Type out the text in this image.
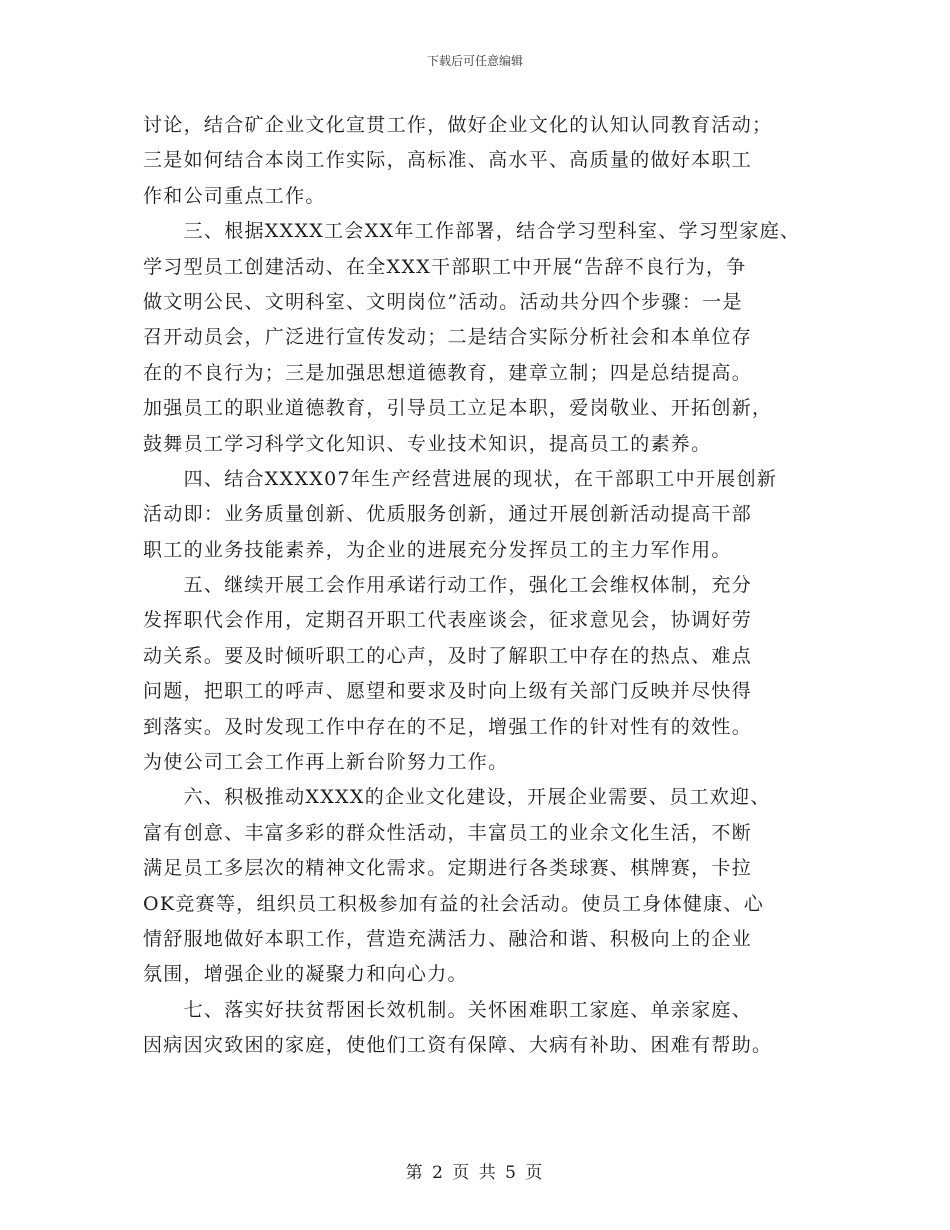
下载后可任意编辑
讨论，结合矿企业文化宣贯工作，做好企业文化的认知认同教育活动；
三是如何结合本岗工作实际，高标准、高水平、高质量的做好本职工
作和公司重点工作。
　　三、根据XXXX工会XX年工作部署，结合学习型科室、学习型家庭、
学习型员工创建活动、在全XXX干部职工中开展“告辞不良行为，争
做文明公民、文明科室、文明岗位”活动。活动共分四个步骤：一是
召开动员会，广泛进行宣传发动；二是结合实际分析社会和本单位存
在的不良行为；三是加强思想道德教育，建章立制；四是总结提高。
加强员工的职业道德教育，引导员工立足本职，爱岗敬业、开拓创新，
鼓舞员工学习科学文化知识、专业技术知识，提高员工的素养。
　　四、结合XXXX07年生产经营进展的现状，在干部职工中开展创新
活动即：业务质量创新、优质服务创新，通过开展创新活动提高干部
职工的业务技能素养，为企业的进展充分发挥员工的主力军作用。
　　五、继续开展工会作用承诺行动工作，强化工会维权体制，充分
发挥职代会作用，定期召开职工代表座谈会，征求意见会，协调好劳
动关系。要及时倾听职工的心声，及时了解职工中存在的热点、难点
问题，把职工的呼声、愿望和要求及时向上级有关部门反映并尽快得
到落实。及时发现工作中存在的不足，增强工作的针对性有的效性。
为使公司工会工作再上新台阶努力工作。
　　六、积极推动XXXX的企业文化建设，开展企业需要、员工欢迎、
富有创意、丰富多彩的群众性活动，丰富员工的业余文化生活，不断
满足员工多层次的精神文化需求。定期进行各类球赛、棋牌赛，卡拉
OK竞赛等，组织员工积极参加有益的社会活动。使员工身体健康、心
情舒服地做好本职工作，营造充满活力、融洽和谐、积极向上的企业
氛围，增强企业的凝聚力和向心力。
　　七、落实好扶贫帮困长效机制。关怀困难职工家庭、单亲家庭、
因病因灾致困的家庭，使他们工资有保障、大病有补助、困难有帮助。
第 2 页 共 5 页
